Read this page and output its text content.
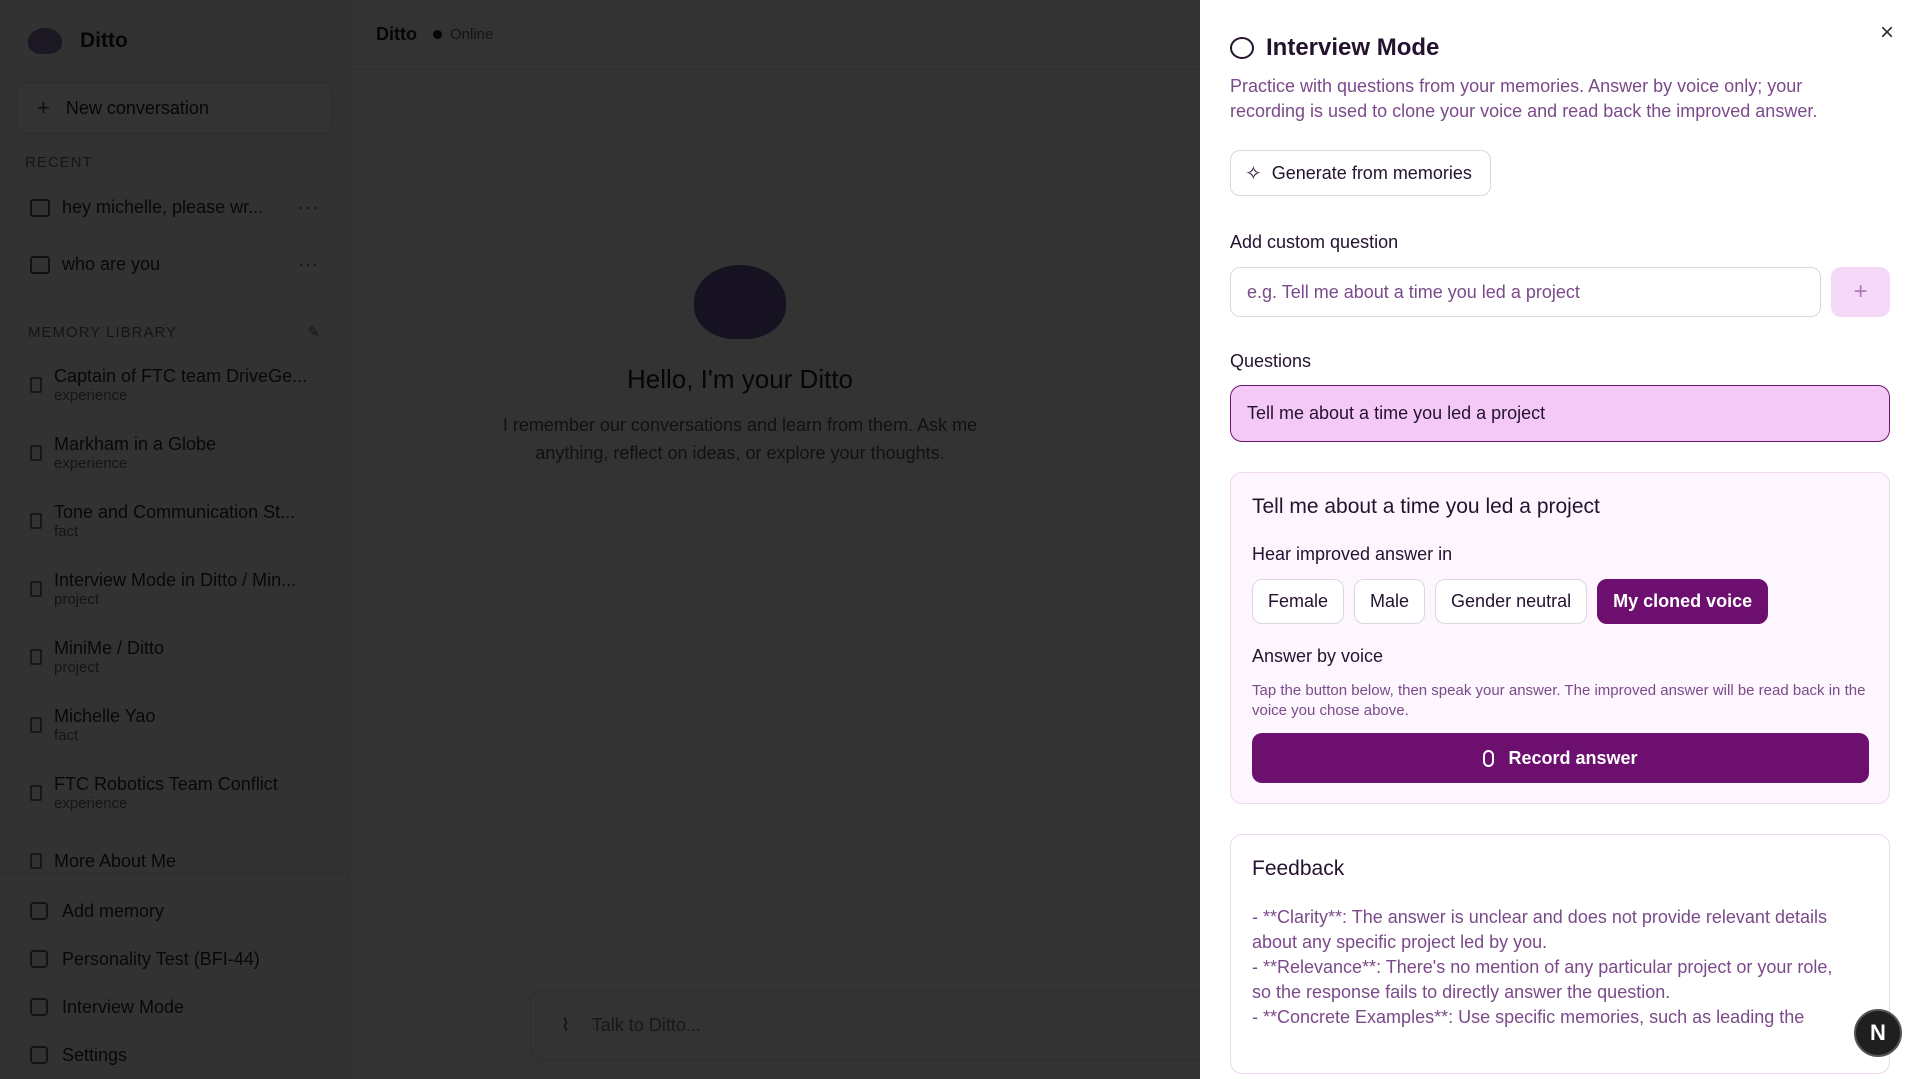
×
Interview Mode
Practice with questions from your memories. Answer by voice only; your recording is used to clone your voice and read back the improved answer.
✧ Generate from memories
Add custom question
e.g. Tell me about a time you led a project
+
Questions
Tell me about a time you led a project
Tell me about a time you led a project
Hear improved answer in
Female	Male	Gender neutral	My cloned voice
Answer by voice
Tap the button below, then speak your answer. The improved answer will be read back in the voice you chose above.
Record answer
Feedback
- **Clarity**: The answer is unclear and does not provide relevant details
about any specific project led by you.
- **Relevance**: There's no mention of any particular project or your role,
so the response fails to directly answer the question.
- **Concrete Examples**: Use specific memories, such as leading the
N
